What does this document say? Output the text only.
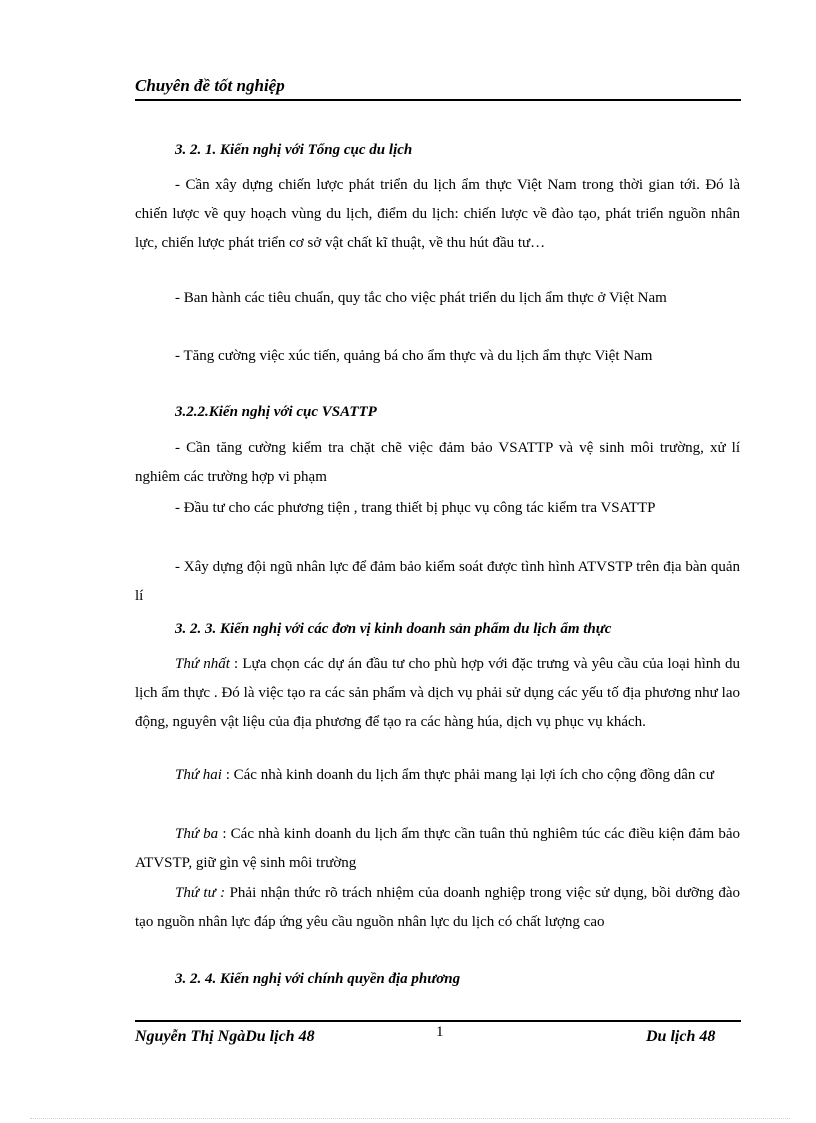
Chuyên đề tốt nghiệp
3. 2. 1. Kiến nghị với Tổng cục du lịch
- Cần xây dựng chiến lược phát triển du lịch ẩm thực Việt Nam trong thời gian tới. Đó là chiến lược về quy hoạch vùng du lịch, điểm du lịch: chiến lược về đào tạo, phát triển nguồn nhân lực, chiến lược phát triển cơ sở vật chất kĩ thuật, về thu hút đầu tư…
- Ban hành các tiêu chuẩn, quy tắc cho việc phát triển du lịch ẩm thực ở Việt Nam
- Tăng cường việc xúc tiến, quảng bá cho ẩm thực và du lịch ẩm thực Việt Nam
3.2.2.Kiến nghị với cục VSATTP
- Cần tăng cường kiểm tra chặt chẽ việc đảm bảo VSATTP và vệ sinh môi trường, xử lí nghiêm các trường hợp vi phạm
- Đầu tư cho các phương tiện , trang thiết bị phục vụ công tác kiểm tra VSATTP
- Xây dựng đội ngũ nhân lực để đảm bảo kiểm soát được tình hình ATVSTP trên địa bàn quản lí
3. 2. 3. Kiến nghị với các đơn vị kinh doanh sản phẩm du lịch ẩm thực
Thứ nhất : Lựa chọn các dự án đầu tư cho phù hợp với đặc trưng và yêu cầu của loại hình du lịch ẩm thực . Đó là việc tạo ra các sản phẩm và dịch vụ phải sử dụng các yếu tố địa phương như lao động, nguyên vật liệu của địa phương để tạo ra các hàng húa, dịch vụ phục vụ khách.
Thứ hai : Các nhà kinh doanh du lịch ẩm thực phải mang lại lợi ích cho cộng đồng dân cư
Thứ ba : Các nhà kinh doanh du lịch ẩm thực cần tuân thủ nghiêm túc các điều kiện đảm bảo ATVSTP, giữ gìn vệ sinh môi trường
Thứ tư : Phải nhận thức rõ trách nhiệm của doanh nghiệp trong việc sử dụng, bồi dưỡng đào tạo nguồn nhân lực đáp ứng yêu cầu nguồn nhân lực du lịch có chất lượng cao
3. 2. 4. Kiến nghị với chính quyền địa phương
Nguyễn Thị NgàDu lịch 48	1	Du lịch 48
